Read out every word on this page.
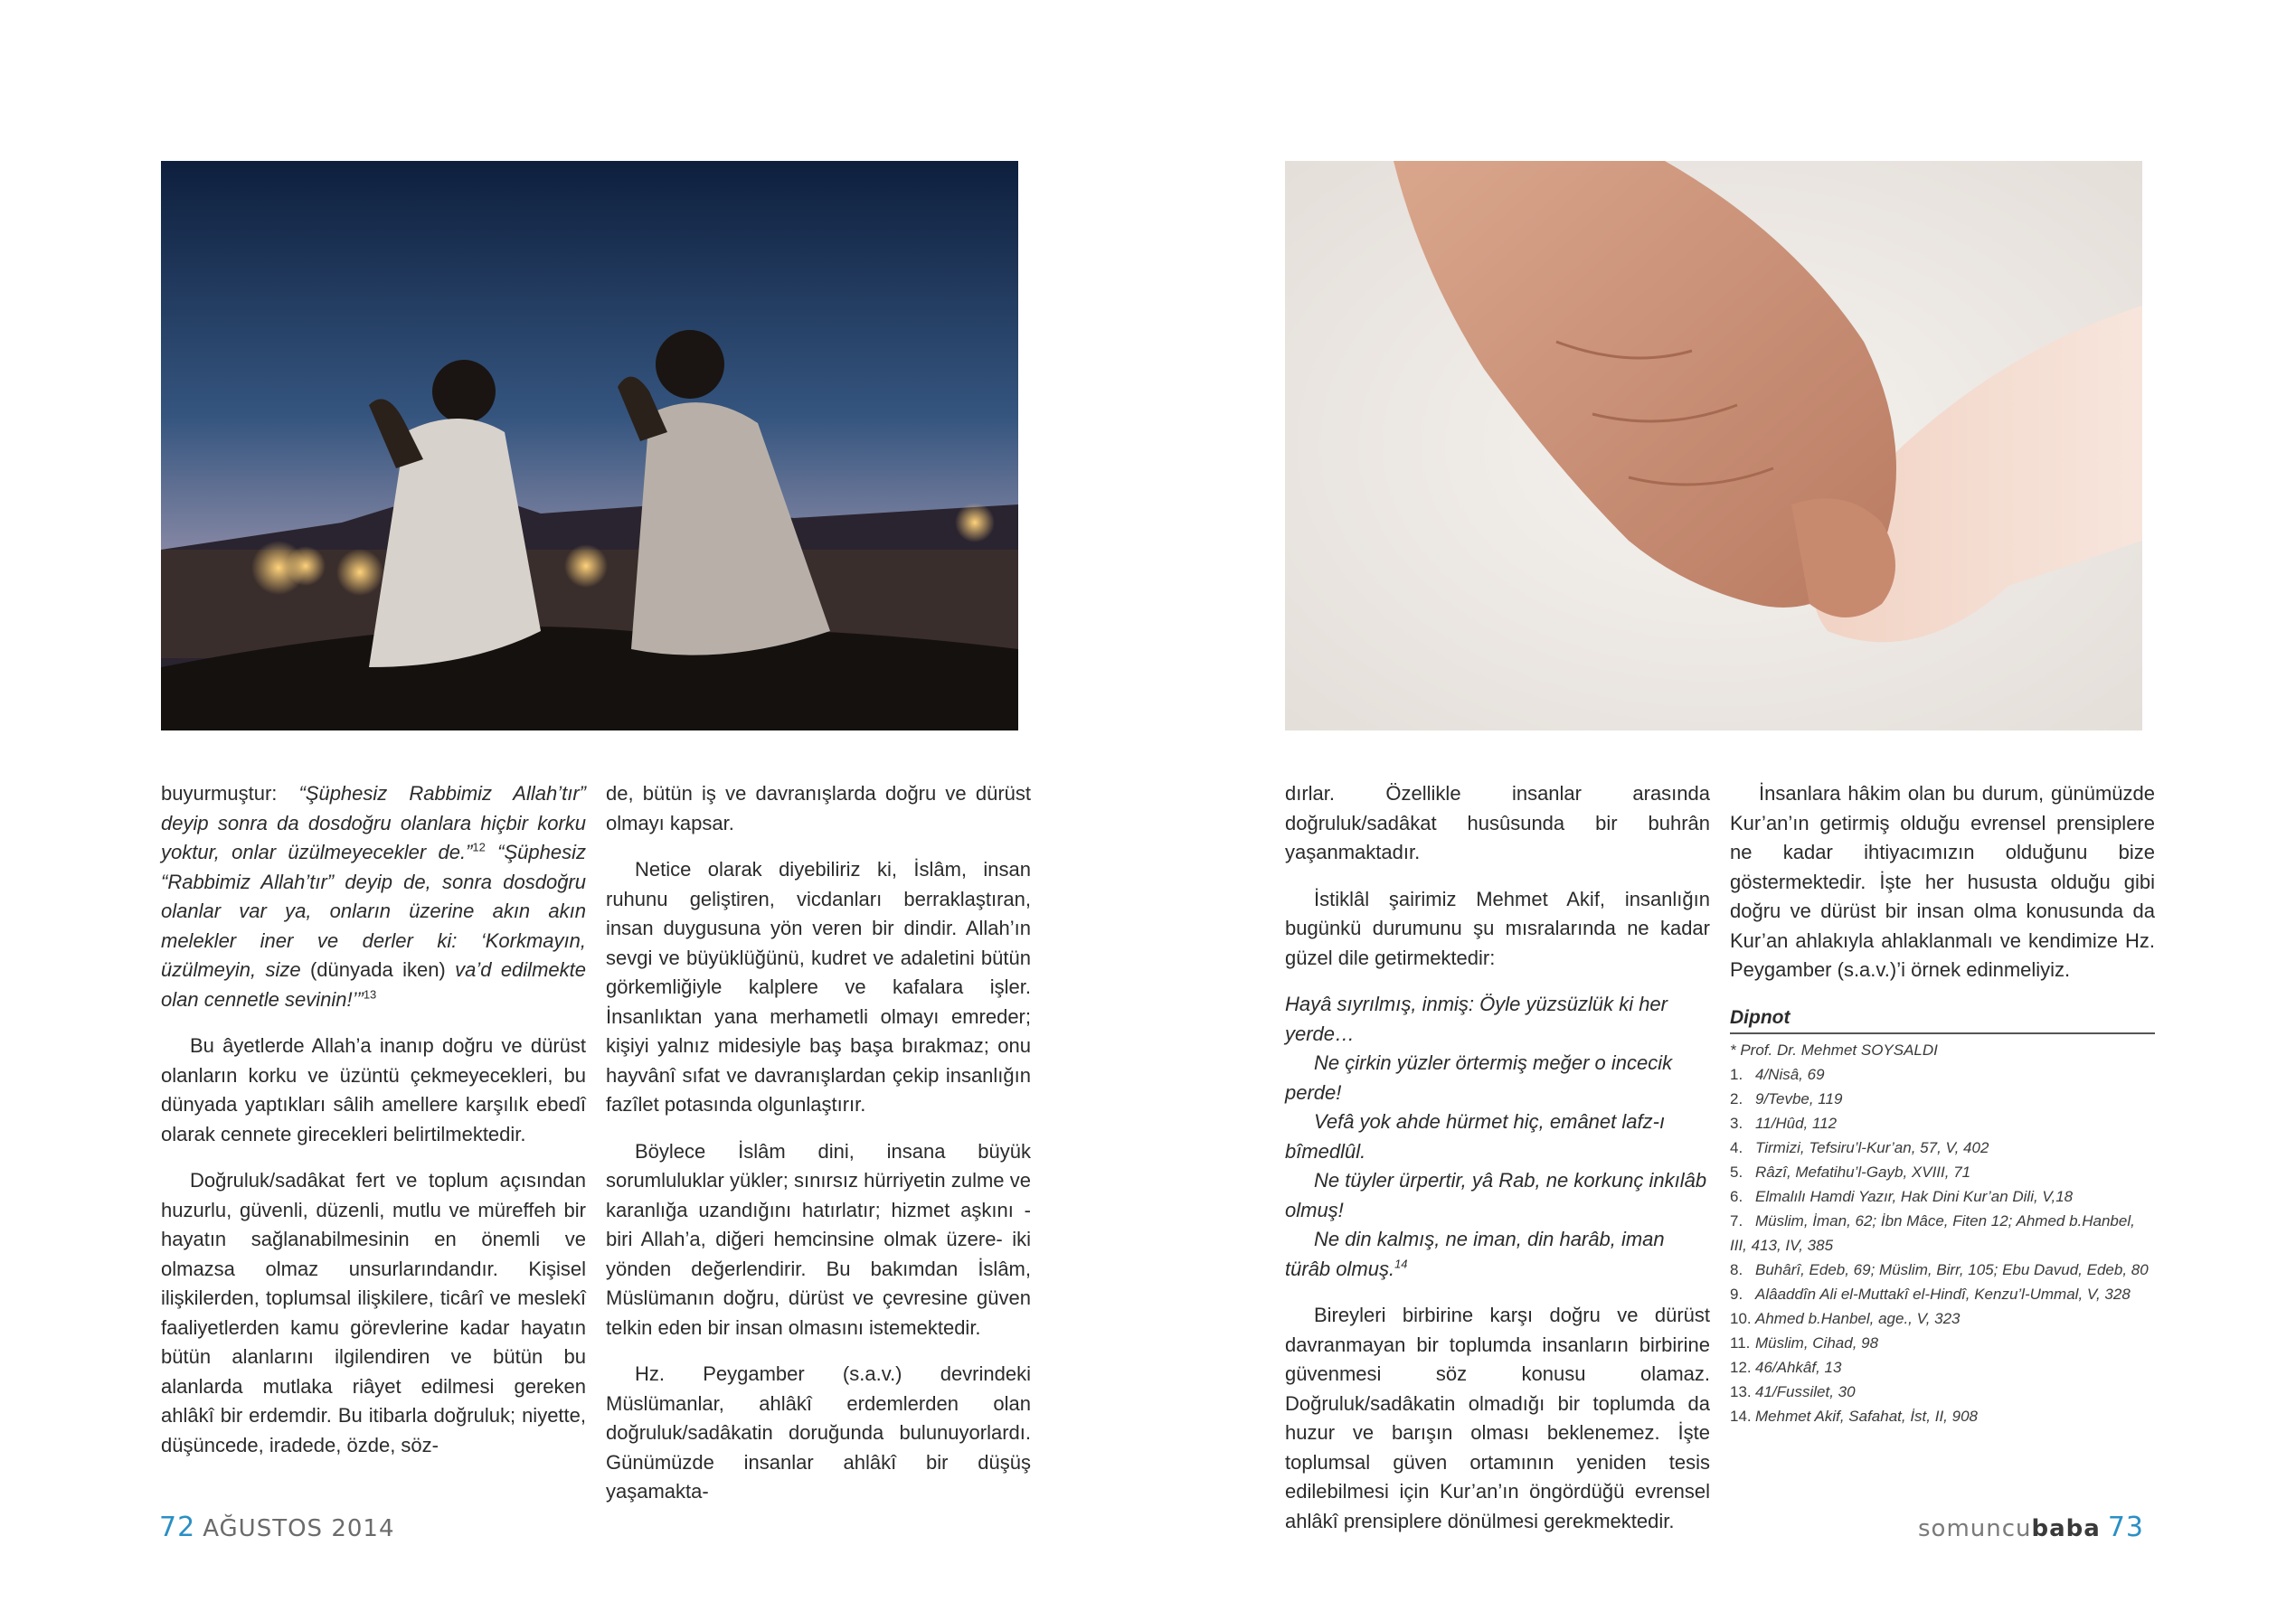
buyurmuştur: “Şüphesiz Rabbimiz Allah’tır” deyip sonra da dosdoğru olanlara hiçbir korku yoktur, onlar üzülmeyecekler de.”$^{12}$ “Şüphesiz “Rabbimiz Allah’tır” deyip de, sonra dosdoğru olanlar var ya, onların üzerine akın akın melekler iner ve derler ki: ‘Korkmayın, üzülmeyin, size (dünyada iken) va’d edilmekte olan cennetle sevinin!’”$^{13}$

Bu âyetlerde Allah’a inanıp doğru ve dürüst olanların korku ve üzüntü çekmeyecekleri, bu dünyada yaptıkları sâlih amellere karşılık ebedî olarak cennete girecekleri belirtilmektedir.

Doğruluk/sadâkat fert ve toplum açısından huzurlu, güvenli, düzenli, mutlu ve müreffeh bir hayatın sağlanabilmesinin en önemli ve olmazsa olmaz unsurlarındandır. Kişisel ilişkilerden, toplumsal ilişkilere, ticârî ve meslekî faaliyetlerden kamu görevlerine kadar hayatın bütün alanlarını ilgilendiren ve bütün bu alanlarda mutlaka riâyet edilmesi gereken ahlâkî bir erdemdir. Bu itibarla doğruluk; niyette, düşüncede, iradede, özde, söz-

de, bütün iş ve davranışlarda doğru ve dürüst olmayı kapsar.

Netice olarak diyebiliriz ki, İslâm, insan ruhunu geliştiren, vicdanları berraklaştıran, insan duygusuna yön veren bir dindir. Allah’ın sevgi ve büyüklüğünü, kudret ve adaletini bütün görkemliğiyle kalplere ve kafalara işler. İnsanlıktan yana merhametli olmayı emreder; kişiyi yalnız midesiyle baş başa bırakmaz; onu hayvânî sıfat ve davranışlardan çekip insanlığın fazîlet potasında olgunlaştırır.

Böylece İslâm dini, insana büyük sorumluluklar yükler; sınırsız hürriyetin zulme ve karanlığa uzandığını hatırlatır; hizmet aşkını -biri Allah’a, diğeri hemcinsine olmak üzere- iki yönden değerlendirir. Bu bakımdan İslâm, Müslümanın doğru, dürüst ve çevresine güven telkin eden bir insan olmasını istemektedir.

Hz. Peygamber (s.a.v.) devrindeki Müslümanlar, ahlâkî erdemlerden olan doğruluk/sadâkatin doruğunda bulunuyorlardı. Günümüzde insanlar ahlâkî bir düşüş yaşamakta-

dırlar. Özellikle insanlar arasında doğruluk/sadâkat husûsunda bir buhrân yaşanmaktadır.

İstiklâl şairimiz Mehmet Akif, insanlığın bugünkü durumunu şu mısralarında ne kadar güzel dile getirmektedir:

Hayâ sıyrılmış, inmiş: Öyle yüzsüzlük ki her yerde…
Ne çirkin yüzler örtermiş meğer o incecik perde!
Vefâ yok ahde hürmet hiç, emânet lafz-ı bîmedlûl.
Ne tüyler ürpertir, yâ Rab, ne korkunç inkılâb olmuş!
Ne din kalmış, ne iman, din harâb, iman türâb olmuş.$^{14}$

Bireyleri birbirine karşı doğru ve dürüst davranmayan bir toplumda insanların birbirine güvenmesi söz konusu olamaz. Doğruluk/sadâkatin olmadığı bir toplumda da huzur ve barışın olması beklenemez. İşte toplumsal güven ortamının yeniden tesis edilebilmesi için Kur’an’ın öngördüğü evrensel ahlâkî prensiplere dönülmesi gerekmektedir.

İnsanlara hâkim olan bu durum, günümüzde Kur’an’ın getirmiş olduğu evrensel prensiplere ne kadar ihtiyacımızın olduğunu bize göstermektedir. İşte her hususta olduğu gibi doğru ve dürüst bir insan olma konusunda da Kur’an ahlakıyla ahlaklanmalı ve kendimize Hz. Peygamber (s.a.v.)’i örnek edinmeliyiz.

Dipnot
* Prof. Dr. Mehmet SOYSALDI
1. 4/Nisâ, 69
2. 9/Tevbe, 119
3. 11/Hûd, 112
4. Tirmizi, Tefsiru’l-Kur’an, 57, V, 402
5. Râzî, Mefatihu’l-Gayb, XVIII, 71
6. Elmalılı Hamdi Yazır, Hak Dini Kur’an Dili, V,18
7. Müslim, İman, 62; İbn Mâce, Fiten 12; Ahmed b.Hanbel, III, 413, IV, 385
8. Buhârî, Edeb, 69; Müslim, Birr, 105; Ebu Davud, Edeb, 80
9. Alâaddîn Ali el-Muttakî el-Hindî, Kenzu’l-Ummal, V, 328
10. Ahmed b.Hanbel, age., V, 323
11. Müslim, Cihad, 98
12. 46/Ahkâf, 13
13. 41/Fussilet, 30
14. Mehmet Akif, Safahat, İst, II, 908
72 AĞUSTOS 2014	somuncubaba 73
